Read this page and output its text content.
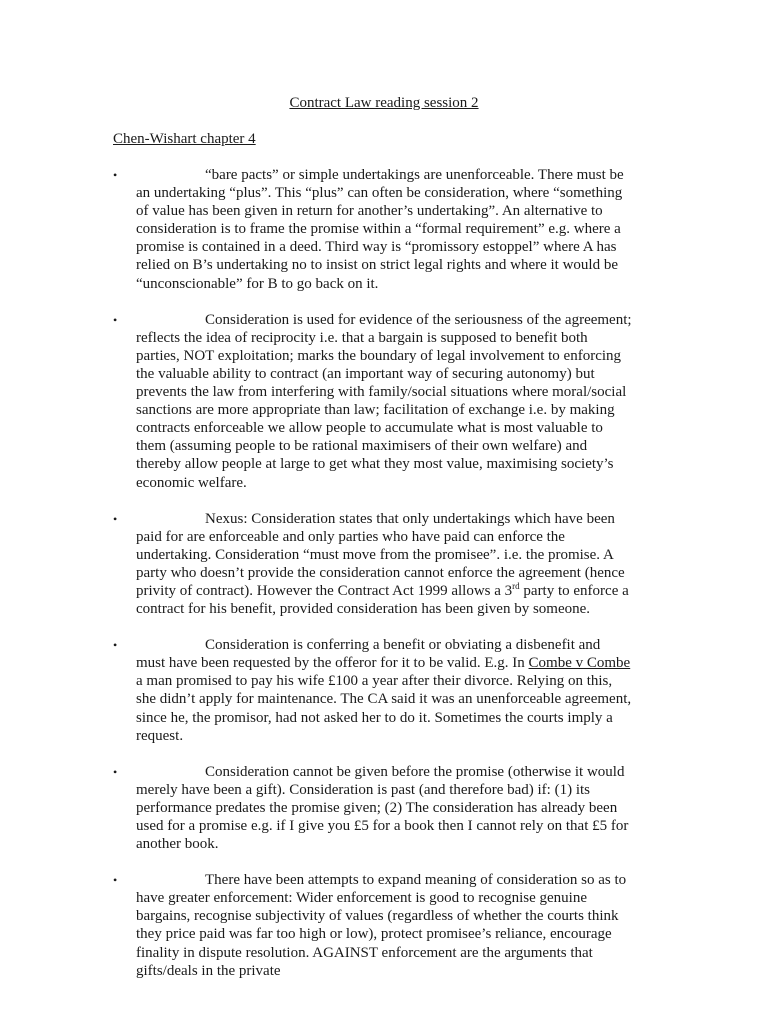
Contract Law reading session 2
Chen-Wishart chapter 4
•	“bare pacts” or simple undertakings are unenforceable. There must be an undertaking “plus”. This “plus” can often be consideration, where “something of value has been given in return for another’s undertaking”. An alternative to consideration is to frame the promise within a “formal requirement” e.g. where a promise is contained in a deed. Third way is “promissory estoppel” where A has relied on B’s undertaking no to insist on strict legal rights and where it would be “unconscionable” for B to go back on it.
•	Consideration is used for evidence of the seriousness of the agreement; reflects the idea of reciprocity i.e. that a bargain is supposed to benefit both parties, NOT exploitation; marks the boundary of legal involvement to enforcing the valuable ability to contract (an important way of securing autonomy) but prevents the law from interfering with family/social situations where moral/social sanctions are more appropriate than law; facilitation of exchange i.e. by making contracts enforceable we allow people to accumulate what is most valuable to them (assuming people to be rational maximisers of their own welfare) and thereby allow people at large to get what they most value, maximising society’s economic welfare.
•	Nexus: Consideration states that only undertakings which have been paid for are enforceable and only parties who have paid can enforce the undertaking. Consideration “must move from the promisee”. i.e. the promise. A party who doesn’t provide the consideration cannot enforce the agreement (hence privity of contract). However the Contract Act 1999 allows a 3rd party to enforce a contract for his benefit, provided consideration has been given by someone.
•	Consideration is conferring a benefit or obviating a disbenefit and must have been requested by the offeror for it to be valid. E.g. In Combe v Combe a man promised to pay his wife £100 a year after their divorce. Relying on this, she didn’t apply for maintenance. The CA said it was an unenforceable agreement, since he, the promisor, had not asked her to do it. Sometimes the courts imply a request.
•	Consideration cannot be given before the promise (otherwise it would merely have been a gift). Consideration is past (and therefore bad) if: (1) its performance predates the promise given; (2) The consideration has already been used for a promise e.g. if I give you £5 for a book then I cannot rely on that £5 for another book.
•	There have been attempts to expand meaning of consideration so as to have greater enforcement: Wider enforcement is good to recognise genuine bargains, recognise subjectivity of values (regardless of whether the courts think they price paid was far too high or low), protect promisee’s reliance, encourage finality in dispute resolution. AGAINST enforcement are the arguments that gifts/deals in the private
